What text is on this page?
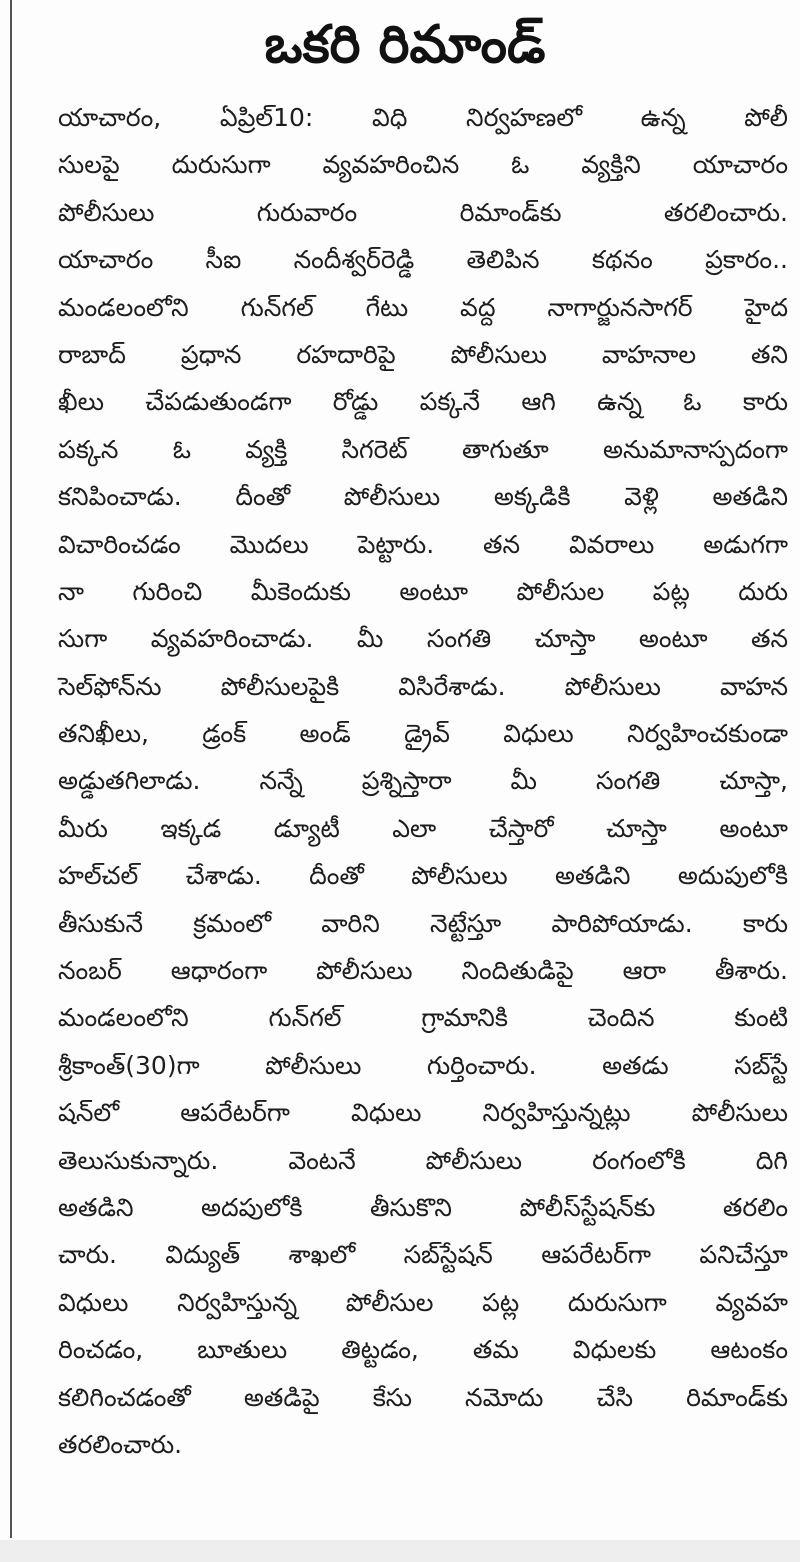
ఒకరి రిమాండ్
యాచారం, ఏప్రిల్10: విధి నిర్వహణలో ఉన్న పోలీ
సులపై దురుసుగా వ్యవహరించిన ఓ వ్యక్తిని యాచారం
పోలీసులు గురువారం రిమాండ్‌కు తరలించారు.
యాచారం సీఐ నందీశ్వర్‌రెడ్డి తెలిపిన కథనం ప్రకారం..
మండలంలోని గున్‌గల్ గేటు వద్ద నాగార్జునసాగర్ హైద
రాబాద్ ప్రధాన రహదారిపై పోలీసులు వాహనాల తని
ఖీలు చేపడుతుండగా రోడ్డు పక్కనే ఆగి ఉన్న ఓ కారు
పక్కన ఓ వ్యక్తి సిగరెట్ తాగుతూ అనుమానాస్పదంగా
కనిపించాడు. దీంతో పోలీసులు అక్కడికి వెళ్లి అతడిని
విచారించడం మొదలు పెట్టారు. తన వివరాలు అడుగగా
నా గురించి మీకెందుకు అంటూ పోలీసుల పట్ల దురు
సుగా వ్యవహరించాడు. మీ సంగతి చూస్తా అంటూ తన
సెల్‌ఫోన్‌ను పోలీసులపైకి విసిరేశాడు. పోలీసులు వాహన
తనిఖీలు, డ్రంక్ అండ్ డ్రైవ్ విధులు నిర్వహించకుండా
అడ్డుతగిలాడు. నన్నే ప్రశ్నిస్తారా మీ సంగతి చూస్తా,
మీరు ఇక్కడ డ్యూటీ ఎలా చేస్తారో చూస్తా అంటూ
హల్‌చల్ చేశాడు. దీంతో పోలీసులు అతడిని అదుపులోకి
తీసుకునే క్రమంలో వారిని నెట్టేస్తూ పారిపోయాడు. కారు
నంబర్ ఆధారంగా పోలీసులు నిందితుడిపై ఆరా తీశారు.
మండలంలోని గున్‌గల్ గ్రామానికి చెందిన కుంటి
శ్రీకాంత్(30)గా పోలీసులు గుర్తించారు. అతడు సబ్‌స్టే
షన్‌లో ఆపరేటర్‌గా విధులు నిర్వహిస్తున్నట్లు పోలీసులు
తెలుసుకున్నారు. వెంటనే పోలీసులు రంగంలోకి దిగి
అతడిని అదపులోకి తీసుకొని పోలీస్‌స్టేషన్‌కు తరలిం
చారు. విద్యుత్ శాఖలో సబ్‌స్టేషన్ ఆపరేటర్‌గా పనిచేస్తూ
విధులు నిర్వహిస్తున్న పోలీసుల పట్ల దురుసుగా వ్యవహ
రించడం, బూతులు తిట్టడం, తమ విధులకు ఆటంకం
కలిగించడంతో అతడిపై కేసు నమోదు చేసి రిమాండ్‌కు
తరలించారు.
